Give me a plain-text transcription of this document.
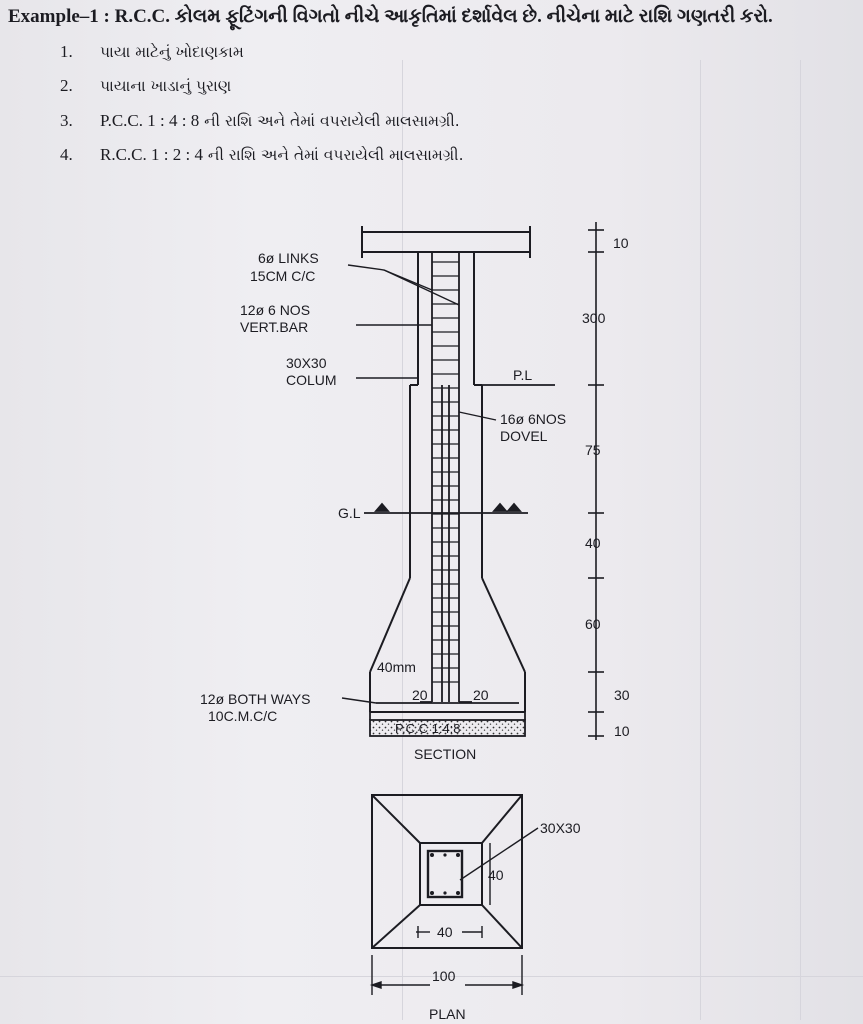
Example–1 : R.C.C. કોલમ ફૂટિંગની વિગતો નીચે આકૃતિમાં દર્શાવેલ છે. નીચેના માટે રાશિ ગણતરી કરો.
1. પાયા માટેનું ખોદાણકામ
2. પાયાના ખાડાનું પુરાણ
3. P.C.C. 1 : 4 : 8 ની રાશિ અને તેમાં વપરાયેલી માલસામગ્રી.
4. R.C.C. 1 : 2 : 4 ની રાશિ અને તેમાં વપરાયેલી માલસામગ્રી.
6ø LINKS
15CM C/C
12ø 6 NOS
VERT.BAR
30X30
COLUM	P.L
16ø 6NOS
DOVEL
G.L
40mm
12ø BOTH WAYS
10C.M.C/C
20	20
P.C.C 1:4:8
SECTION
10
300
75
40
60
30
10
30X30
40
40
100
PLAN
